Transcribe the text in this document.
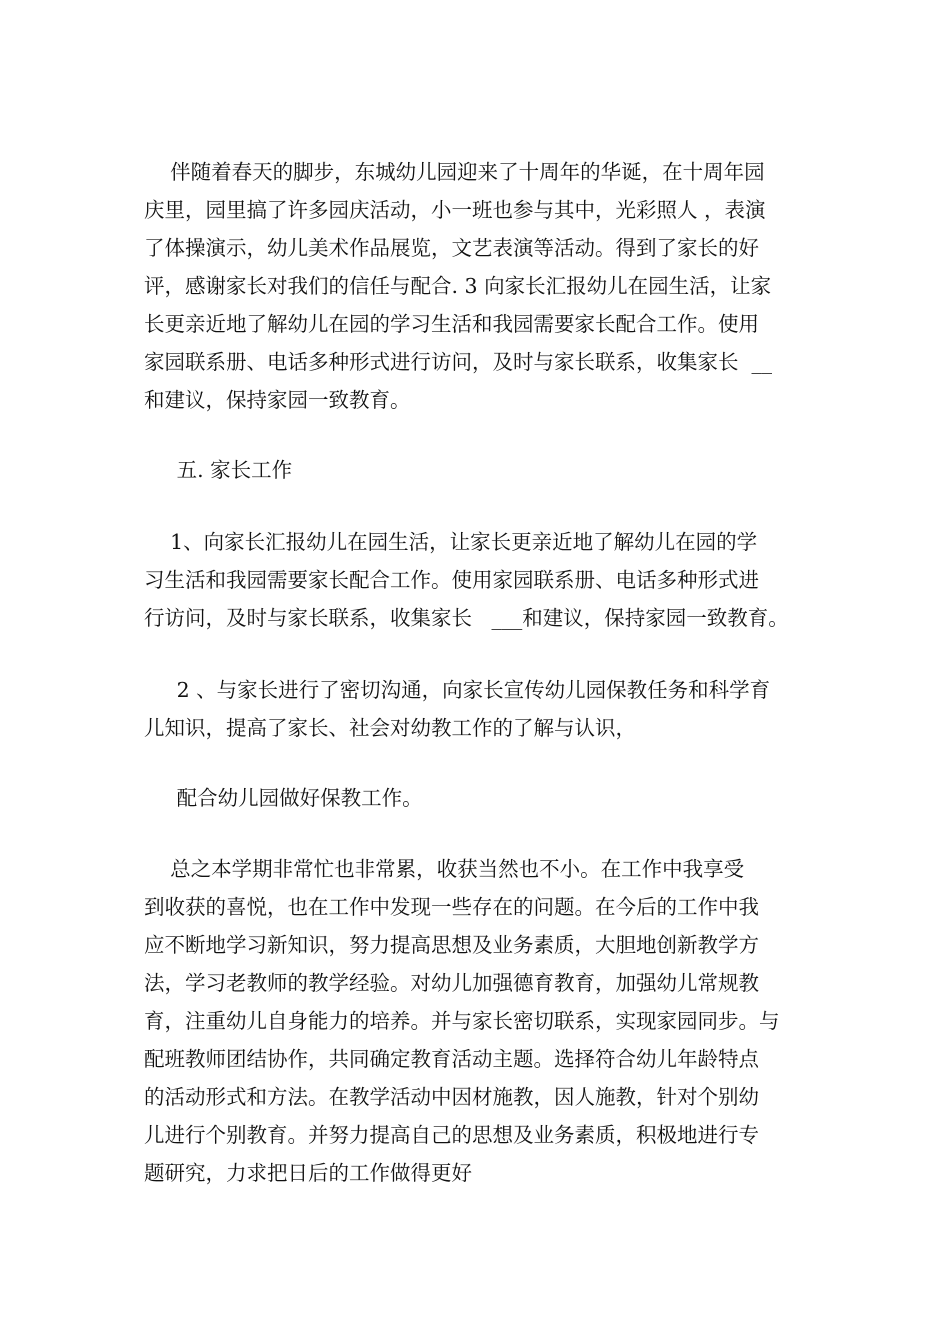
伴随着春天的脚步，东城幼儿园迎来了十周年的华诞，在十周年园
庆里，园里搞了许多园庆活动，小一班也参与其中，光彩照人 ，表演
了体操演示，幼儿美术作品展览，文艺表演等活动。得到了家长的好
评，感谢家长对我们的信任与配合. 3 向家长汇报幼儿在园生活，让家
长更亲近地了解幼儿在园的学习生活和我园需要家长配合工作。使用
家园联系册、电话多种形式进行访问，及时与家长联系，收集家长  __
和建议，保持家园一致教育。
五. 家长工作
1、向家长汇报幼儿在园生活，让家长更亲近地了解幼儿在园的学
习生活和我园需要家长配合工作。使用家园联系册、电话多种形式进
行访问，及时与家长联系，收集家长   ___和建议，保持家园一致教育。
2 、与家长进行了密切沟通，向家长宣传幼儿园保教任务和科学育
儿知识，提高了家长、社会对幼教工作的了解与认识，
配合幼儿园做好保教工作。
总之本学期非常忙也非常累，收获当然也不小。在工作中我享受
到收获的喜悦，也在工作中发现一些存在的问题。在今后的工作中我
应不断地学习新知识，努力提高思想及业务素质，大胆地创新教学方
法，学习老教师的教学经验。对幼儿加强德育教育，加强幼儿常规教
育，注重幼儿自身能力的培养。并与家长密切联系，实现家园同步。与
配班教师团结协作，共同确定教育活动主题。选择符合幼儿年龄特点
的活动形式和方法。在教学活动中因材施教，因人施教，针对个别幼
儿进行个别教育。并努力提高自己的思想及业务素质，积极地进行专
题研究，力求把日后的工作做得更好
